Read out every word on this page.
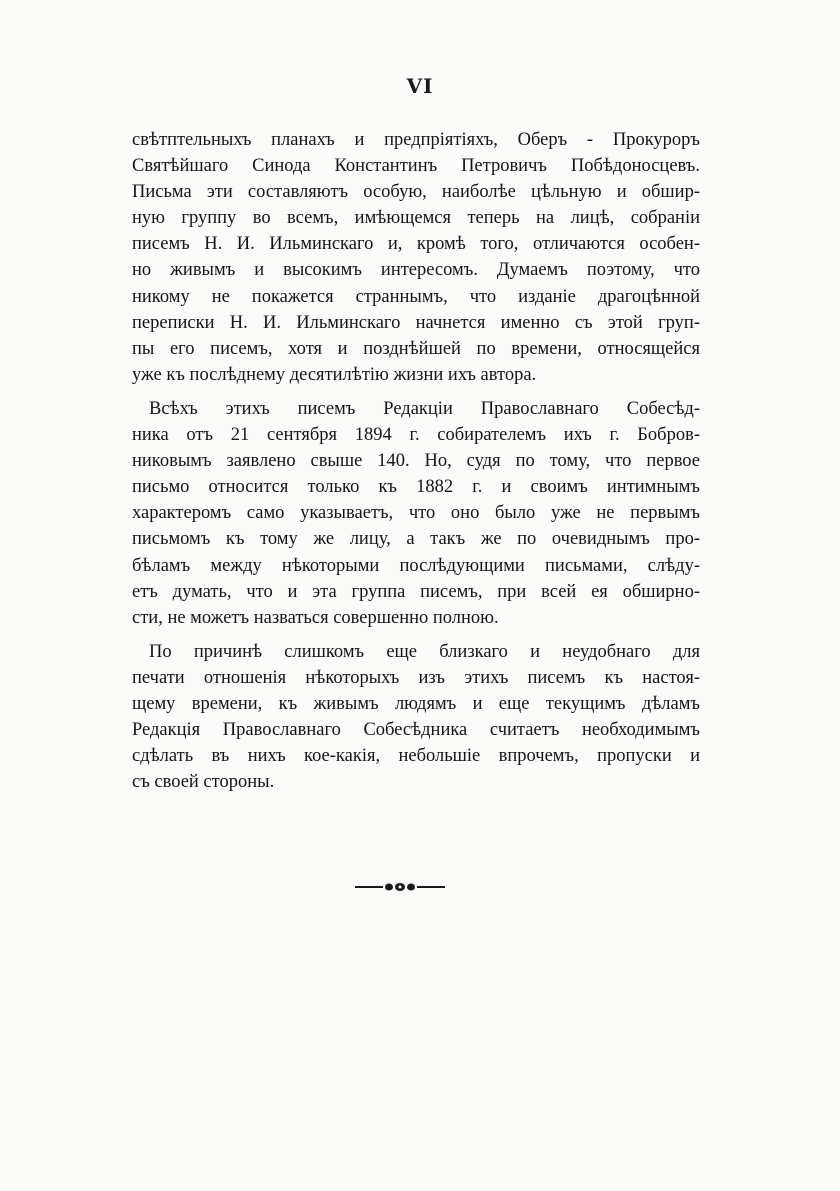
VI
свѣтптельныхъ планахъ и предпріятіяхъ, Оберъ - Прокуроръ
Святѣйшаго Синода Константинъ Петровичъ Побѣдоносцевъ.
Письма эти составляютъ особую, наиболѣе цѣльную и обшир-
ную группу во всемъ, имѣющемся теперь на лицѣ, собраніи
писемъ Н. И. Ильминскаго и, кромѣ того, отличаются особен-
но живымъ и высокимъ интересомъ. Думаемъ поэтому, что
никому не покажется страннымъ, что изданіе драгоцѣнной
переписки Н. И. Ильминскаго начнется именно съ этой груп-
пы его писемъ, хотя и позднѣйшей по времени, относящейся
уже къ послѣднему десятилѣтію жизни ихъ автора.
Всѣхъ этихъ писемъ Редакціи Православнаго Собесѣд-
ника отъ 21 сентября 1894 г. собирателемъ ихъ г. Бобров-
никовымъ заявлено свыше 140. Но, судя по тому, что первое
письмо относится только къ 1882 г. и своимъ интимнымъ
характеромъ само указываетъ, что оно было уже не первымъ
письмомъ къ тому же лицу, а такъ же по очевиднымъ про-
бѣламъ между нѣкоторыми послѣдующими письмами, слѣду-
етъ думать, что и эта группа писемъ, при всей ея обширно-
сти, не можетъ назваться совершенно полною.
По причинѣ слишкомъ еще близкаго и неудобнаго для
печати отношенія нѣкоторыхъ изъ этихъ писемъ къ настоя-
щему времени, къ живымъ людямъ и еще текущимъ дѣламъ
Редакція Православнаго Собесѣдника считаетъ необходимымъ
сдѣлать въ нихъ кое-какія, небольшіе впрочемъ, пропуски и
съ своей стороны.
